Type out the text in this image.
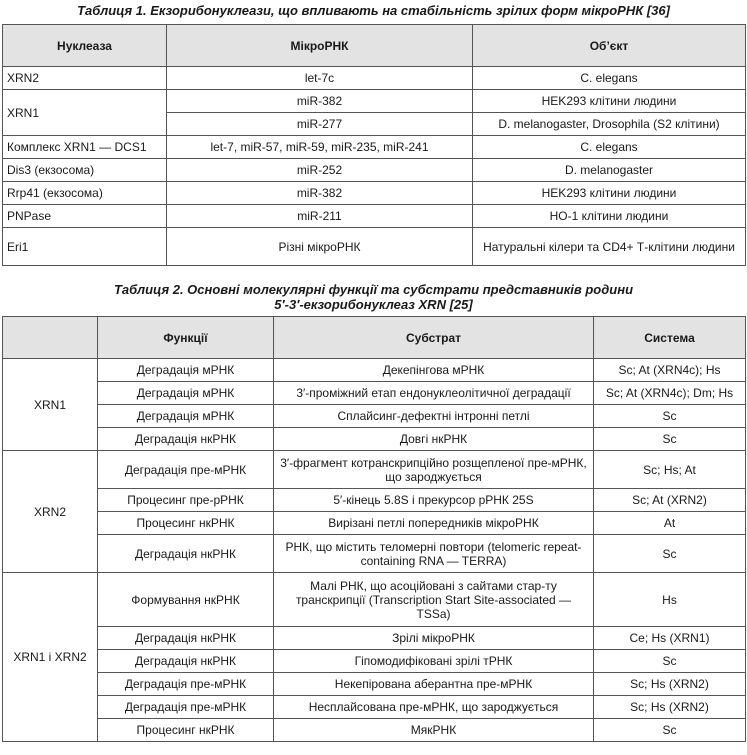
Таблиця 1. Екзорибонуклеази, що впливають на стабільність зрілих форм мікроРНК [36]
Нуклеаза	МікроРНК	Об’єкт
XRN2	let-7c	C. elegans
XRN1	miR-382	HEK293 клітини людини
	miR-277	D. melanogaster, Drosophila (S2 клітини)
Комплекс XRN1 — DCS1	let-7, miR-57, miR-59, miR-235, miR-241	C. elegans
Dis3 (екзосома)	miR-252	D. melanogaster
Rrp41 (екзосома)	miR-382	HEK293 клітини людини
PNPase	miR-211	HO-1 клітини людини
Eri1	Різні мікроРНК	Натуральні кілери та CD4+ Т-клітини людини
Таблиця 2. Основні молекулярні функції та субстрати представників родини
5′-3′-екзорибонуклеаз XRN [25]
	Функції	Субстрат	Система
XRN1	Деградація мРНК	Декепінгова мРНК	Sc; At (XRN4c); Hs
	Деградація мРНК	3′-проміжний етап ендонуклеолітичної деградації	Sc; At (XRN4c); Dm; Hs
	Деградація мРНК	Сплайсинг-дефектні інтронні петлі	Sc
	Деградація нкРНК	Довгі нкРНК	Sc
XRN2	Деградація пре-мРНК	3′-фрагмент котранскрипційно розщепленої пре-мРНК, що зароджується	Sc; Hs; At
	Процесинг пре-рРНК	5′-кінець 5.8S і прекурсор рРНК 25S	Sc; At (XRN2)
	Процесинг нкРНК	Вирізані петлі попередників мікроРНК	At
	Деградація нкРНК	РНК, що містить теломерні повтори (telomeric repeat-containing RNA — TERRA)	Sc
XRN1 і XRN2	Формування нкРНК	Малі РНК, що асоційовані з сайтами стар-ту транскрипції (Transcription Start Site-associated — TSSa)	Hs
	Деградація нкРНК	Зрілі мікроРНК	Ce; Hs (XRN1)
	Деградація нкРНК	Гіпомодифіковані зрілі тРНК	Sc
	Деградація пре-мРНК	Некепірована аберантна пре-мРНК	Sc; Hs (XRN2)
	Деградація пре-мРНК	Несплайсована пре-мРНК, що зароджується	Sc; Hs (XRN2)
	Процесинг нкРНК	МякРНК	Sc
